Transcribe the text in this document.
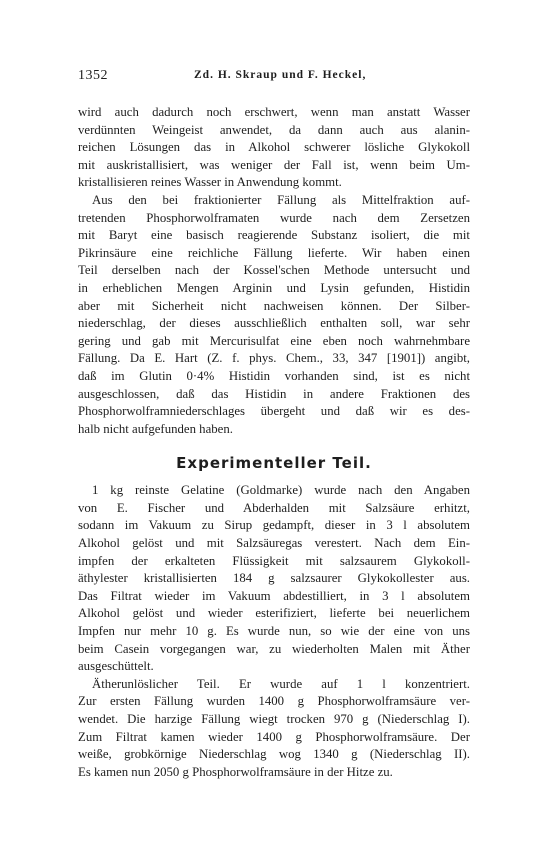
1352	Zd. H. Skraup und F. Heckel,
wird auch dadurch noch erschwert, wenn man anstatt Wasser
verdünnten Weingeist anwendet, da dann auch aus alanin-
reichen Lösungen das in Alkohol schwerer lösliche Glykokoll
mit auskristallisiert, was weniger der Fall ist, wenn beim Um-
kristallisieren reines Wasser in Anwendung kommt.
Aus den bei fraktionierter Fällung als Mittelfraktion auf-
tretenden Phosphorwolframaten wurde nach dem Zersetzen
mit Baryt eine basisch reagierende Substanz isoliert, die mit
Pikrinsäure eine reichliche Fällung lieferte. Wir haben einen
Teil derselben nach der Kossel'schen Methode untersucht und
in erheblichen Mengen Arginin und Lysin gefunden, Histidin
aber mit Sicherheit nicht nachweisen können. Der Silber-
niederschlag, der dieses ausschließlich enthalten soll, war sehr
gering und gab mit Mercurisulfat eine eben noch wahrnehmbare
Fällung. Da E. Hart (Z. f. phys. Chem., 33, 347 [1901]) angibt,
daß im Glutin 0·4% Histidin vorhanden sind, ist es nicht
ausgeschlossen, daß das Histidin in andere Fraktionen des
Phosphorwolframniederschlages übergeht und daß wir es des-
halb nicht aufgefunden haben.
Experimenteller Teil.
1 kg reinste Gelatine (Goldmarke) wurde nach den Angaben
von E. Fischer und Abderhalden mit Salzsäure erhitzt,
sodann im Vakuum zu Sirup gedampft, dieser in 3 l absolutem
Alkohol gelöst und mit Salzsäuregas verestert. Nach dem Ein-
impfen der erkalteten Flüssigkeit mit salzsaurem Glykokoll-
äthylester kristallisierten 184 g salzsaurer Glykokollester aus.
Das Filtrat wieder im Vakuum abdestilliert, in 3 l absolutem
Alkohol gelöst und wieder esterifiziert, lieferte bei neuerlichem
Impfen nur mehr 10 g. Es wurde nun, so wie der eine von uns
beim Casein vorgegangen war, zu wiederholten Malen mit Äther
ausgeschüttelt.
Ätherunlöslicher Teil. Er wurde auf 1 l konzentriert.
Zur ersten Fällung wurden 1400 g Phosphorwolframsäure ver-
wendet. Die harzige Fällung wiegt trocken 970 g (Niederschlag I).
Zum Filtrat kamen wieder 1400 g Phosphorwolframsäure. Der
weiße, grobkörnige Niederschlag wog 1340 g (Niederschlag II).
Es kamen nun 2050 g Phosphorwolframsäure in der Hitze zu.
